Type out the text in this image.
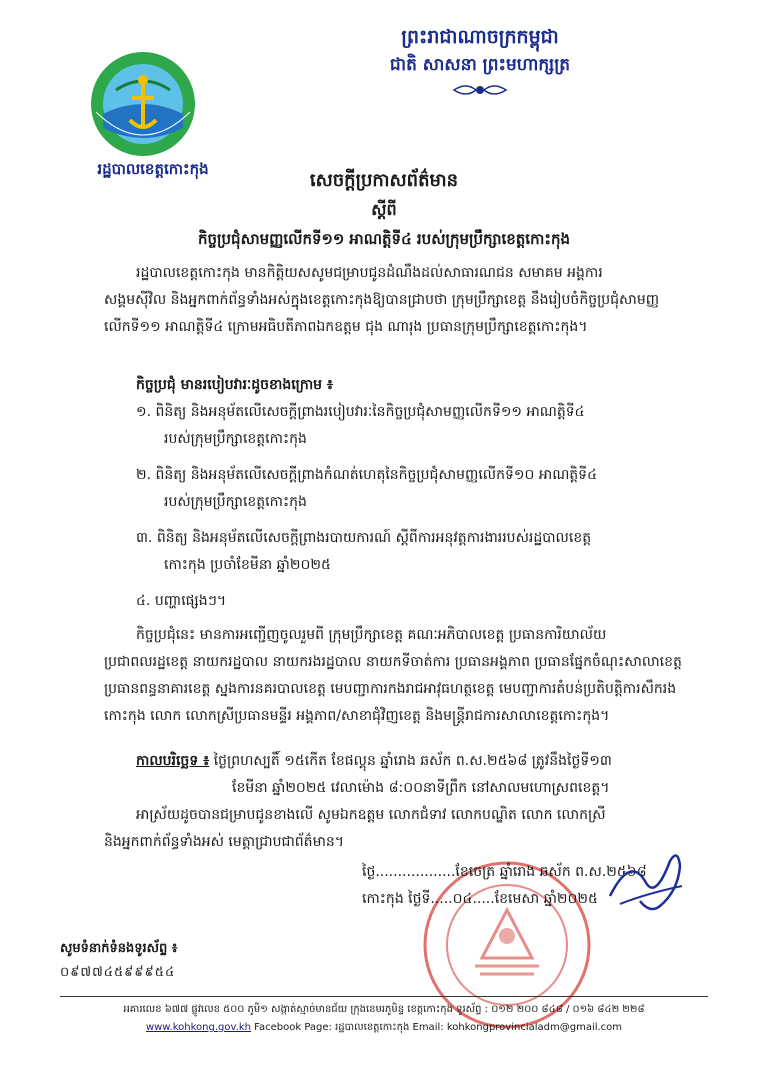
ព្រះរាជាណាចក្រកម្ពុជា
ជាតិ សាសនា ព្រះមហាក្សត្រ
រដ្ឋបាលខេត្តកោះកុង
សេចក្តីប្រកាសព័ត៌មាន
ស្តីពី
កិច្ចប្រជុំសាមញ្ញលើកទី១១ អាណត្តិទី៤ របស់ក្រុមប្រឹក្សាខេត្តកោះកុង
រដ្ឋបាលខេត្តកោះកុង មានកិត្តិយសសូមជម្រាបជូនដំណឹងដល់សាធារណជន សមាគម អង្គការ
សង្គមស៊ីវិល និងអ្នកពាក់ព័ន្ធទាំងអស់ក្នុងខេត្តកោះកុងឱ្យបានជ្រាបថា ក្រុមប្រឹក្សាខេត្ត នឹងរៀបចំកិច្ចប្រជុំសាមញ្ញលើកទី១១ អាណត្តិទី៤ ក្រោមអធិបតីភាពឯកឧត្តម ជុង ណារុង ប្រធានក្រុមប្រឹក្សាខេត្តកោះកុង។
កិច្ចប្រជុំ មានរបៀបវារៈដូចខាងក្រោម ៖
១. ពិនិត្យ និងអនុម័តលើសេចក្តីព្រាងរបៀបវារៈនៃកិច្ចប្រជុំសាមញ្ញលើកទី១១ អាណត្តិទី៤
របស់ក្រុមប្រឹក្សាខេត្តកោះកុង
២. ពិនិត្យ និងអនុម័តលើសេចក្តីព្រាងកំណត់ហេតុនៃកិច្ចប្រជុំសាមញ្ញលើកទី១០ អាណត្តិទី៤
របស់ក្រុមប្រឹក្សាខេត្តកោះកុង
៣. ពិនិត្យ និងអនុម័តលើសេចក្តីព្រាងរបាយការណ៍ ស្តីពីការអនុវត្តការងាររបស់រដ្ឋបាលខេត្ត
កោះកុង ប្រចាំខែមីនា ឆ្នាំ២០២៥
៤. បញ្ហាផ្សេងៗ។
កិច្ចប្រជុំនេះ មានការអញ្ជើញចូលរួមពី ក្រុមប្រឹក្សាខេត្ត គណៈអភិបាលខេត្ត ប្រធានការិយាល័យ
ប្រជាពលរដ្ឋខេត្ត នាយករដ្ឋបាល នាយករងរដ្ឋបាល នាយកទីចាត់ការ ប្រធានអង្គភាព ប្រធានផ្នែកចំណុះសាលាខេត្ត ប្រធានពន្ធនាគារខេត្ត ស្នងការនគរបាលខេត្ត មេបញ្ជាការកងរាជអាវុធហត្ថខេត្ត មេបញ្ជាការតំបន់ប្រតិបត្តិការសឹករងកោះកុង លោក លោកស្រីប្រធានមន្ទីរ អង្គភាព/សាខាជុំវិញខេត្ត និងមន្ត្រីរាជការសាលាខេត្តកោះកុង។
កាលបរិច្ឆេទ ៖ ថ្ងៃព្រហស្បតិ៍ ១៥កើត ខែផល្គុន ឆ្នាំរោង ឆស័ក ព.ស.២៥៦៨ ត្រូវនឹងថ្ងៃទី១៣
ខែមីនា ឆ្នាំ២០២៥ វេលាម៉ោង ៨:០០នាទីព្រឹក នៅសាលមហោស្រពខេត្ត។
អាស្រ័យដូចបានជម្រាបជូនខាងលើ សូមឯកឧត្តម លោកជំទាវ លោកបណ្ឌិត លោក លោកស្រី
និងអ្នកពាក់ព័ន្ធទាំងអស់ មេត្តាជ្រាបជាព័ត៌មាន។
ថ្ងៃ..................ខែចេត្រ ឆ្នាំរោង ឆស័ក ព.ស.២៥៦៨
កោះកុង ថ្ងៃទី.....០៤.....ខែមេសា ឆ្នាំ២០២៥
សូមទំនាក់ទំនងទូរស័ព្ទ ៖
០៩៧៧៤៥៩៩៩៥៤
អគារលេខ ៦៧៧ ផ្លូវលេខ ៥០០ ភូមិ១ សង្កាត់ស្មាច់មានជ័យ ក្រុងខេមរភូមិន្ទ ខេត្តកោះកុង ទូរស័ព្ទ : ០១២ ២០០ ៨៤៨ / ០១៦ ៨៤២ ២២៨
www.kohkong.gov.kh Facebook Page: រដ្ឋបាលខេត្តកោះកុង Email: kohkongprovincialadm@gmail.com
